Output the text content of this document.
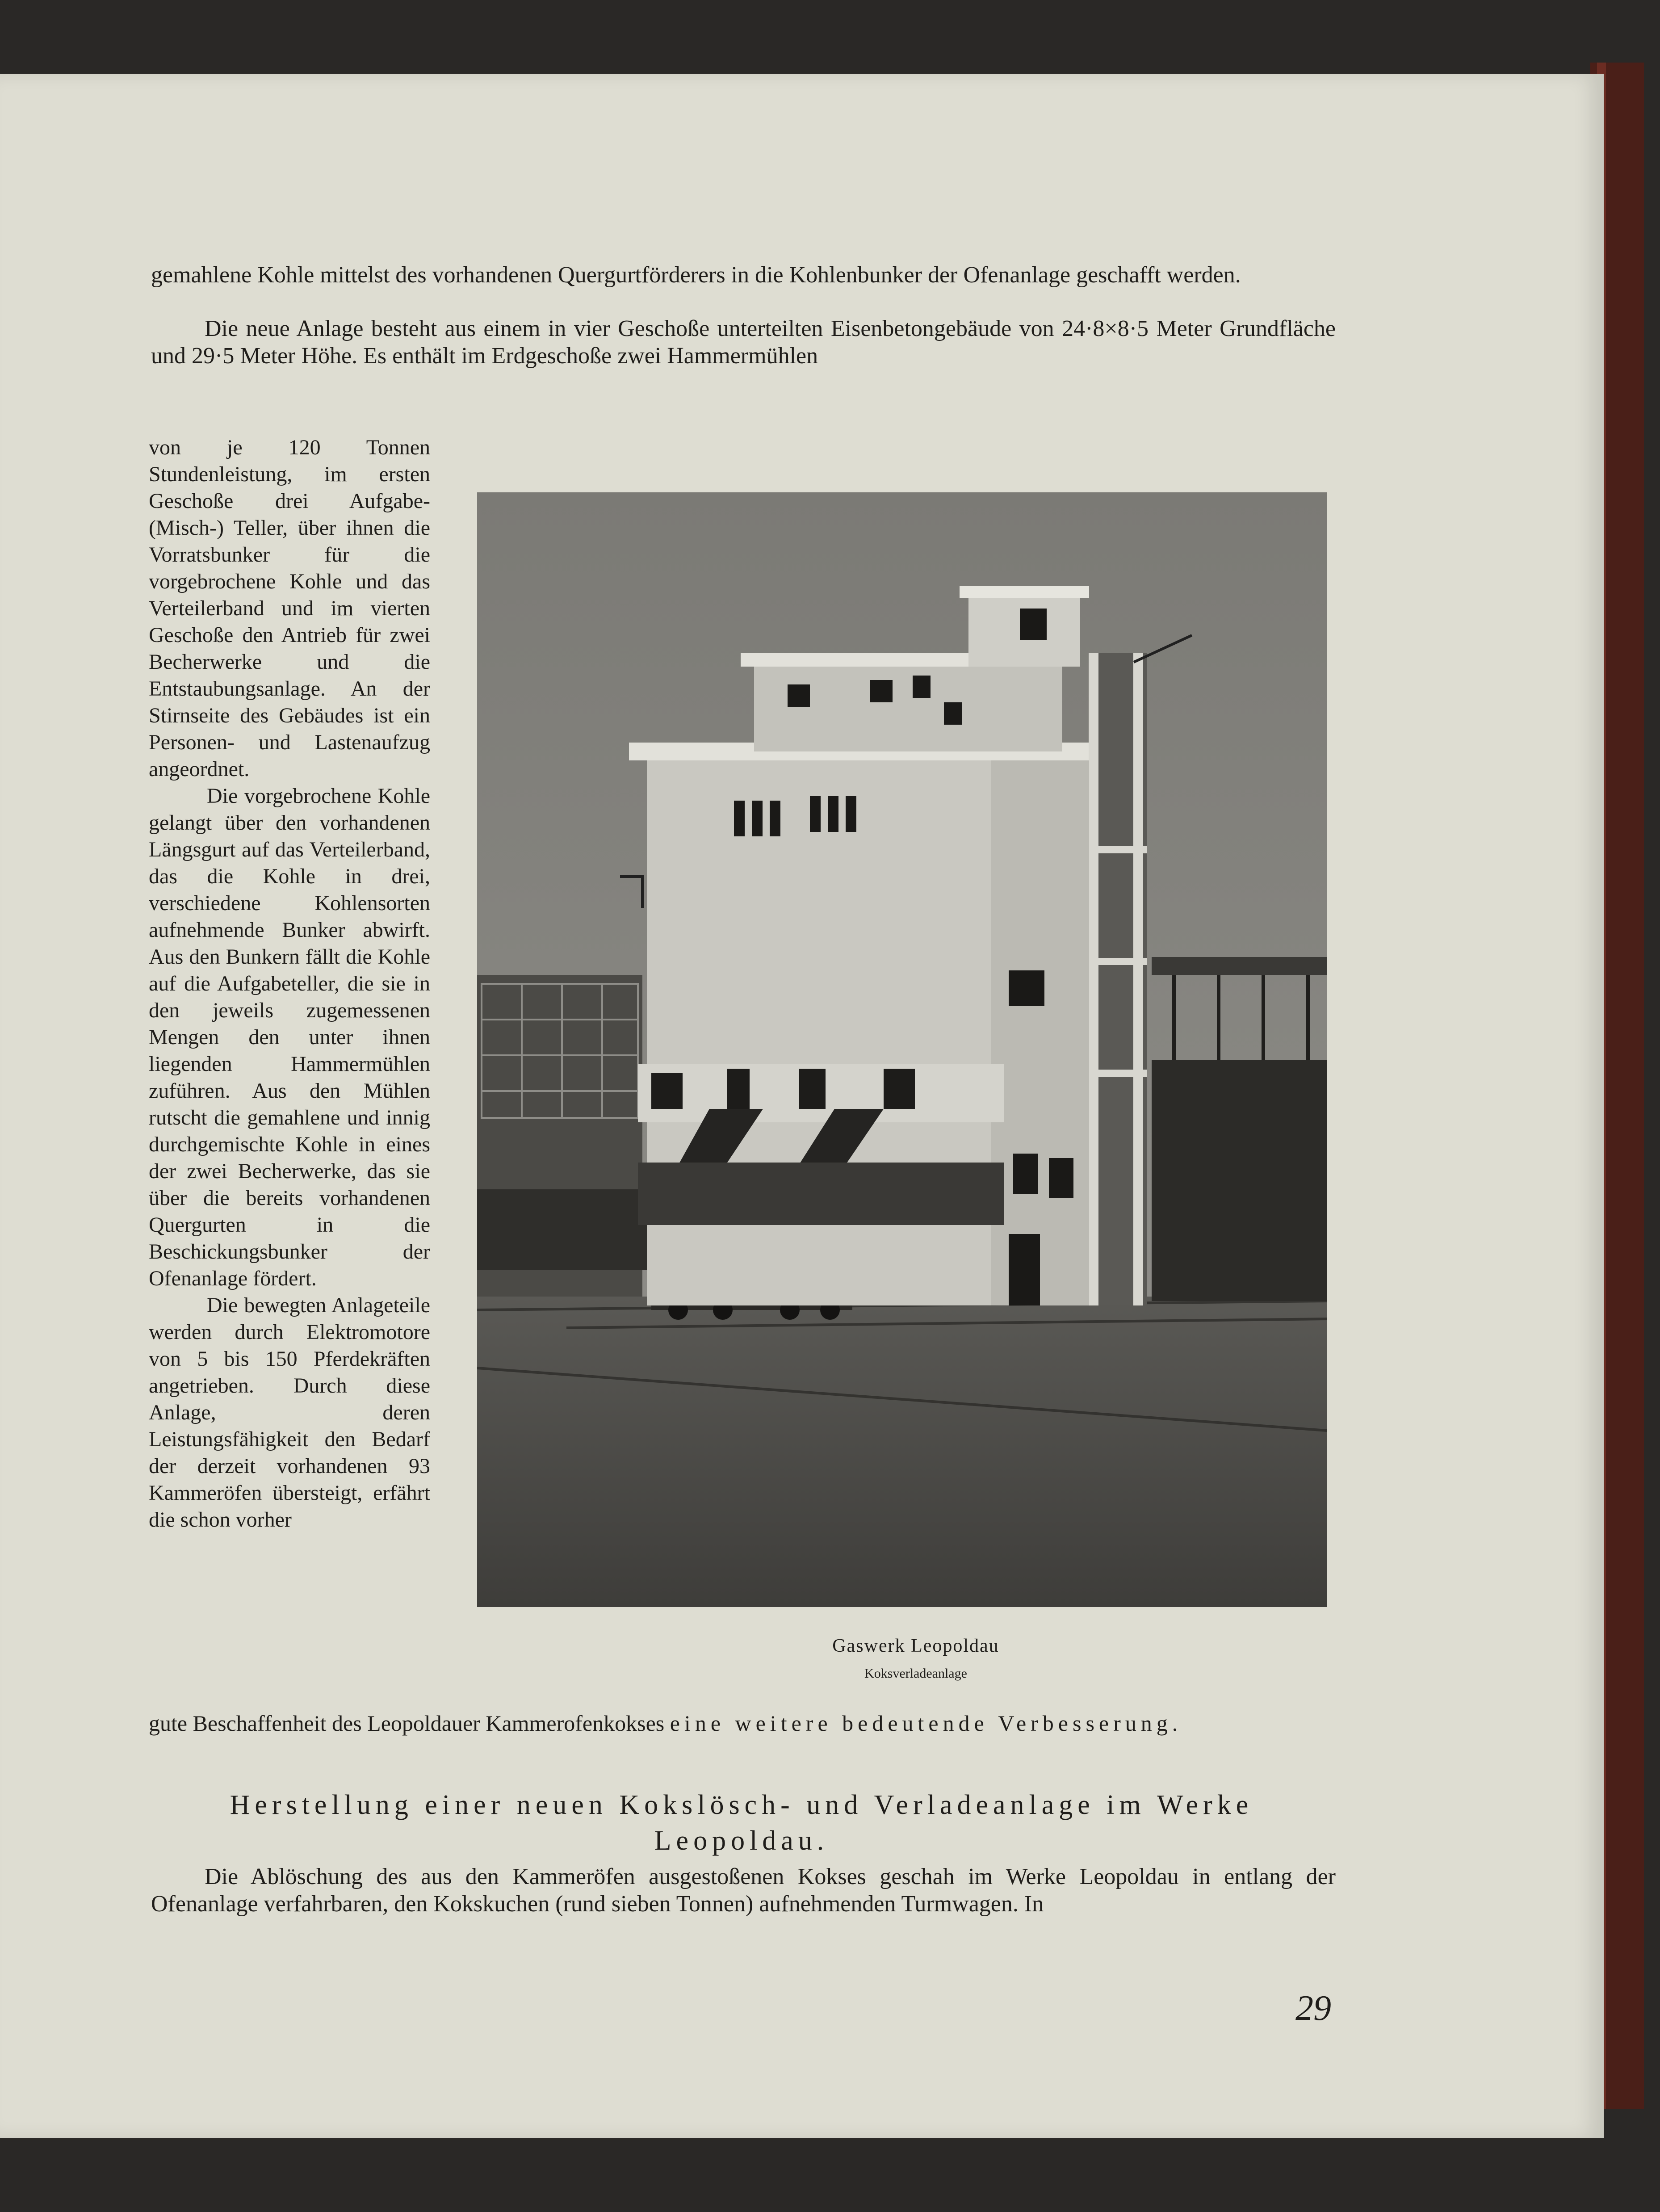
gemahlene Kohle mittelst des vorhandenen Quergurtförderers in die Kohlenbunker der Ofenanlage geschafft werden.

Die neue Anlage besteht aus einem in vier Geschoße unterteilten Eisenbetongebäude von 24·8×8·5 Meter Grundfläche und 29·5 Meter Höhe. Es enthält im Erdgeschoße zwei Hammermühlen

von je 120 Tonnen Stundenleistung, im ersten Geschoße drei Aufgabe- (Misch-) Teller, über ihnen die Vorratsbunker für die vorgebrochene Kohle und das Verteilerband und im vierten Geschoße den Antrieb für zwei Becherwerke und die Entstaubungsanlage. An der Stirnseite des Gebäudes ist ein Personen- und Lastenaufzug angeordnet.

Die vorgebrochene Kohle gelangt über den vorhandenen Längsgurt auf das Verteilerband, das die Kohle in drei, verschiedene Kohlensorten aufnehmende Bunker abwirft. Aus den Bunkern fällt die Kohle auf die Aufgabeteller, die sie in den jeweils zugemessenen Mengen den unter ihnen liegenden Hammermühlen zuführen. Aus den Mühlen rutscht die gemahlene und innig durchgemischte Kohle in eines der zwei Becherwerke, das sie über die bereits vorhandenen Quergurten in die Beschickungsbunker der Ofenanlage fördert.

Die bewegten Anlageteile werden durch Elektromotore von 5 bis 150 Pferdekräften angetrieben. Durch diese Anlage, deren Leistungsfähigkeit den Bedarf der derzeit vorhandenen 93 Kammeröfen übersteigt, erfährt die schon vorher

Gaswerk Leopoldau

Koksverladeanlage

gute Beschaffenheit des Leopoldauer Kammerofenkokses eine weitere bedeutende Verbesserung.
Herstellung einer neuen Kokslösch- und Verladeanlage im Werke Leopoldau.

Die Ablöschung des aus den Kammeröfen ausgestoßenen Kokses geschah im Werke Leopoldau in entlang der Ofenanlage verfahrbaren, den Kokskuchen (rund sieben Tonnen) aufnehmenden Turmwagen. In

29
